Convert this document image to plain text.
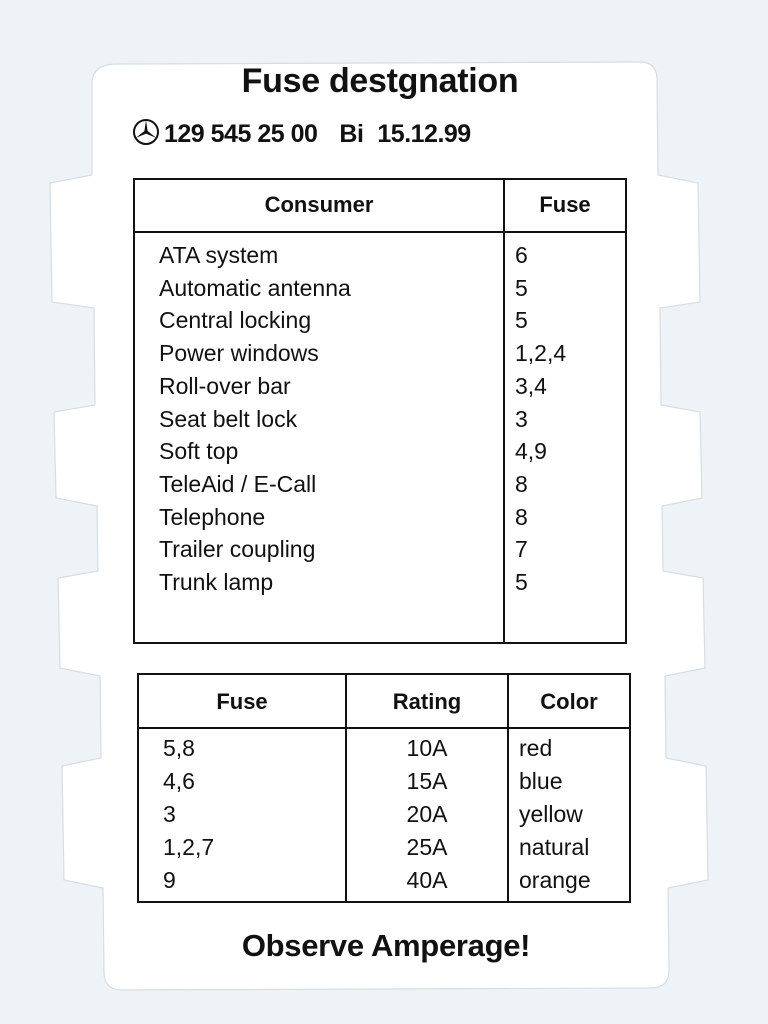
Fuse destgnation
129 545 25 00 Bi 15.12.99
Consumer	Fuse
ATA system	6
Automatic antenna	5
Central locking	5
Power windows	1,2,4
Roll-over bar	3,4
Seat belt lock	3
Soft top	4,9
TeleAid / E-Call	8
Telephone	8
Trailer coupling	7
Trunk lamp	5
Fuse	Rating	Color
5,8	10A	red
4,6	15A	blue
3	20A	yellow
1,2,7	25A	natural
9	40A	orange
Observe Amperage!
